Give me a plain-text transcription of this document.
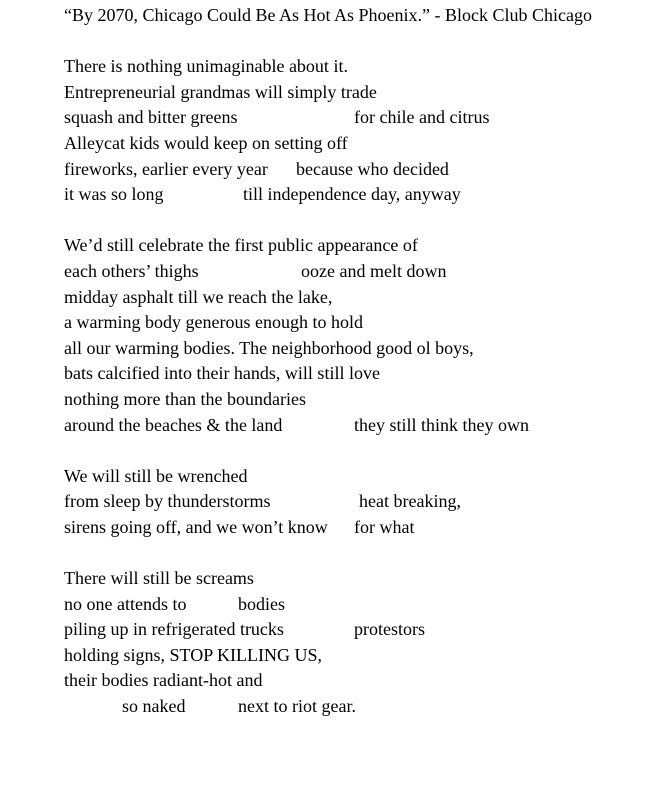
“By 2070, Chicago Could Be As Hot As Phoenix.” - Block Club Chicago

There is nothing unimaginable about it.

Entrepreneurial grandmas will simply trade

squash and bitter greens

	for chile and citrus

Alleycat kids would keep on setting off

fireworks, earlier every year

because who decided

it was so long

	till independence day, anyway

We’d still celebrate the first public appearance of

each others’ thighs

	ooze and melt down

midday asphalt till we reach the lake,

a warming body generous enough to hold

all our warming bodies. The neighborhood good ol boys,

bats calcified into their hands, will still love

nothing more than the boundaries

around the beaches & the land

	they still think they own

We will still be wrenched

from sleep by thunderstorms

	heat breaking,

sirens going off, and we won’t know

for what

There will still be screams

no one attends to

	bodies

piling up in refrigerated trucks

	protestors

holding signs, STOP KILLING US,

their bodies radiant-hot and

so naked

	next to riot gear.
